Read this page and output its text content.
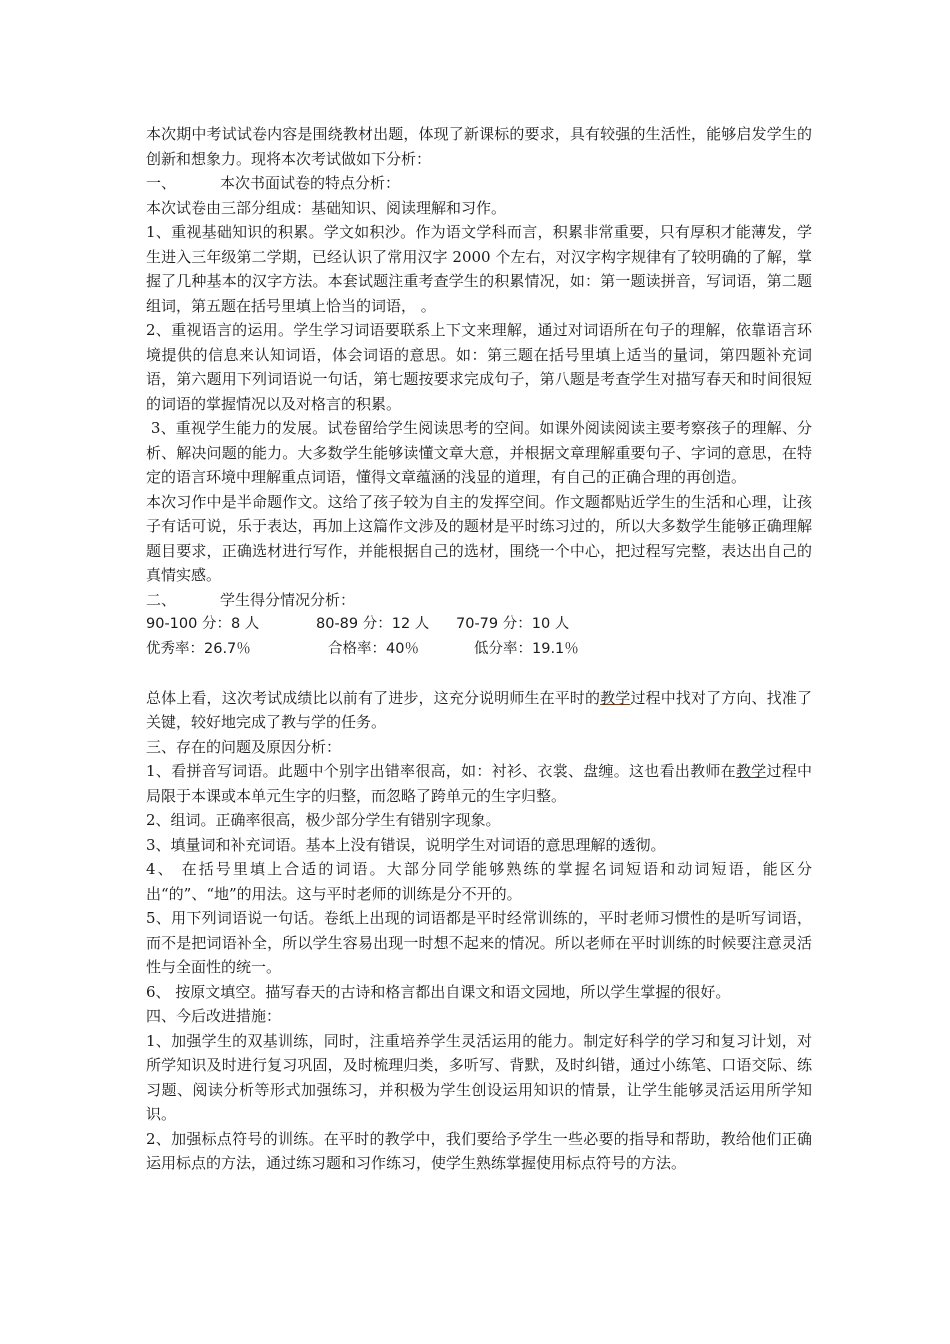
本次期中考试试卷内容是围绕教材出题，体现了新课标的要求，具有较强的生活性，能够启发学生的创新和想象力。现将本次考试做如下分析：

一、	本次书面试卷的特点分析：

本次试卷由三部分组成：基础知识、阅读理解和习作。

1、重视基础知识的积累。学文如积沙。作为语文学科而言，积累非常重要，只有厚积才能薄发，学生进入三年级第二学期，已经认识了常用汉字 2000 个左右，对汉字构字规律有了较明确的了解，掌握了几种基本的汉字方法。本套试题注重考查学生的积累情况，如：第一题读拼音，写词语，第二题组词，第五题在括号里填上恰当的词语， 。

2、重视语言的运用。学生学习词语要联系上下文来理解，通过对词语所在句子的理解，依靠语言环境提供的信息来认知词语，体会词语的意思。如：第三题在括号里填上适当的量词，第四题补充词语，第六题用下列词语说一句话，第七题按要求完成句子，第八题是考查学生对描写春天和时间很短的词语的掌握情况以及对格言的积累。

3、重视学生能力的发展。试卷留给学生阅读思考的空间。如课外阅读阅读主要考察孩子的理解、分析、解决问题的能力。大多数学生能够读懂文章大意，并根据文章理解重要句子、字词的意思，在特定的语言环境中理解重点词语，懂得文章蕴涵的浅显的道理，有自己的正确合理的再创造。

本次习作中是半命题作文。这给了孩子较为自主的发挥空间。作文题都贴近学生的生活和心理，让孩子有话可说，乐于表达，再加上这篇作文涉及的题材是平时练习过的，所以大多数学生能够正确理解题目要求，正确选材进行写作，并能根据自己的选材，围绕一个中心，把过程写完整，表达出自己的真情实感。

二、	学生得分情况分析：

90-100 分：8 人	80-89 分：12 人	70-79 分：10 人
优秀率：26.7％	合格率：40％	低分率：19.1％

总体上看，这次考试成绩比以前有了进步，这充分说明师生在平时的教学过程中找对了方向、找准了关键，较好地完成了教与学的任务。

三、存在的问题及原因分析：

1、看拼音写词语。此题中个别字出错率很高，如：衬衫、衣裳、盘缠。这也看出教师在教学过程中局限于本课或本单元生字的归整，而忽略了跨单元的生字归整。

2、组词。正确率很高，极少部分学生有错别字现象。

3、填量词和补充词语。基本上没有错误，说明学生对词语的意思理解的透彻。

4、 在括号里填上合适的词语。大部分同学能够熟练的掌握名词短语和动词短语，能区分出“的”、“地”的用法。这与平时老师的训练是分不开的。

5、用下列词语说一句话。卷纸上出现的词语都是平时经常训练的，平时老师习惯性的是听写词语，而不是把词语补全，所以学生容易出现一时想不起来的情况。所以老师在平时训练的时候要注意灵活性与全面性的统一。

6、 按原文填空。描写春天的古诗和格言都出自课文和语文园地，所以学生掌握的很好。

四、今后改进措施：

1、加强学生的双基训练，同时，注重培养学生灵活运用的能力。制定好科学的学习和复习计划，对所学知识及时进行复习巩固，及时梳理归类，多听写、背默，及时纠错，通过小练笔、口语交际、练习题、阅读分析等形式加强练习，并积极为学生创设运用知识的情景，让学生能够灵活运用所学知识。

2、加强标点符号的训练。在平时的教学中，我们要给予学生一些必要的指导和帮助，教给他们正确运用标点的方法，通过练习题和习作练习，使学生熟练掌握使用标点符号的方法。
